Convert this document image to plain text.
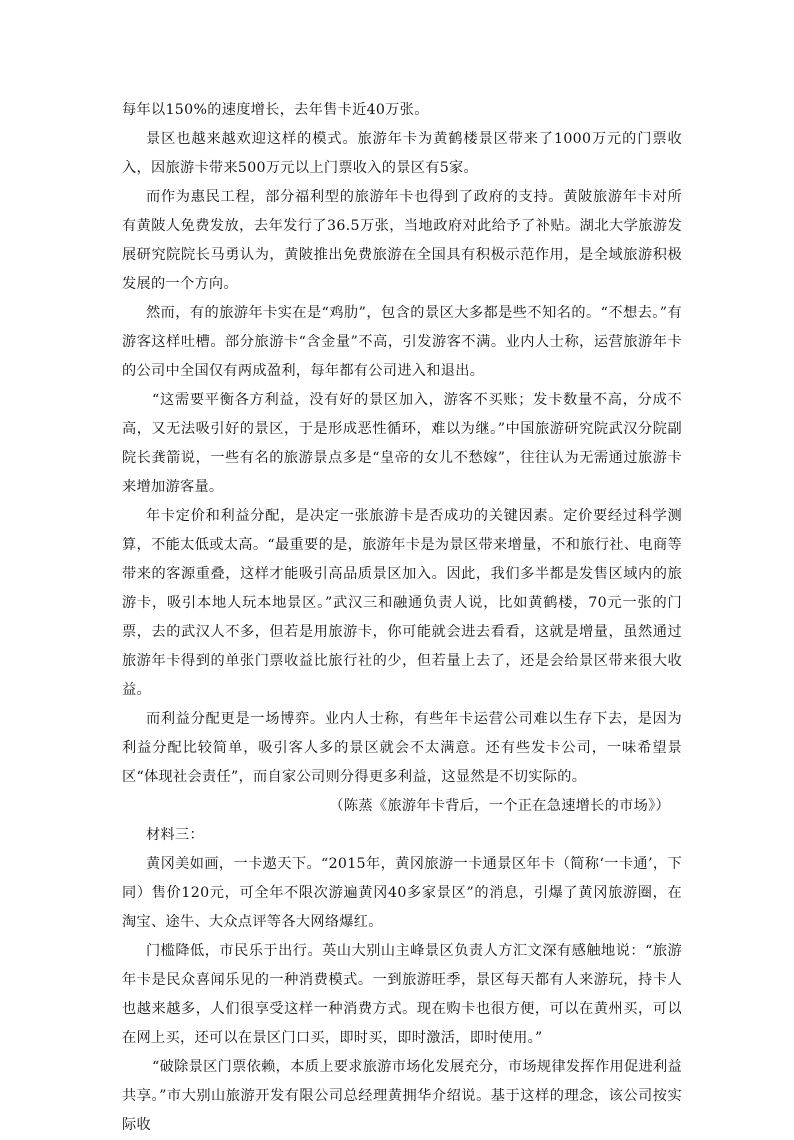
每年以150%的速度增长，去年售卡近40万张。

景区也越来越欢迎这样的模式。旅游年卡为黄鹤楼景区带来了1000万元的门票收入，因旅游卡带来500万元以上门票收入的景区有5家。

而作为惠民工程，部分福利型的旅游年卡也得到了政府的支持。黄陂旅游年卡对所有黄陂人免费发放，去年发行了36.5万张，当地政府对此给予了补贴。湖北大学旅游发展研究院院长马勇认为，黄陂推出免费旅游在全国具有积极示范作用，是全域旅游积极发展的一个方向。

然而，有的旅游年卡实在是“鸡肋”，包含的景区大多都是些不知名的。“不想去。”有游客这样吐槽。部分旅游卡“含金量”不高，引发游客不满。业内人士称，运营旅游年卡的公司中全国仅有两成盈利，每年都有公司进入和退出。

“这需要平衡各方利益，没有好的景区加入，游客不买账；发卡数量不高，分成不高，又无法吸引好的景区，于是形成恶性循环，难以为继。”中国旅游研究院武汉分院副院长龚箭说，一些有名的旅游景点多是“皇帝的女儿不愁嫁”，往往认为无需通过旅游卡来增加游客量。

年卡定价和利益分配，是决定一张旅游卡是否成功的关键因素。定价要经过科学测算，不能太低或太高。“最重要的是，旅游年卡是为景区带来增量，不和旅行社、电商等带来的客源重叠，这样才能吸引高品质景区加入。因此，我们多半都是发售区域内的旅游卡，吸引本地人玩本地景区。”武汉三和融通负责人说，比如黄鹤楼，70元一张的门票，去的武汉人不多，但若是用旅游卡，你可能就会进去看看，这就是增量，虽然通过旅游年卡得到的单张门票收益比旅行社的少，但若量上去了，还是会给景区带来很大收益。

而利益分配更是一场博弈。业内人士称，有些年卡运营公司难以生存下去，是因为利益分配比较简单，吸引客人多的景区就会不太满意。还有些发卡公司，一味希望景区“体现社会责任”，而自家公司则分得更多利益，这显然是不切实际的。

（陈蒸《旅游年卡背后，一个正在急速增长的市场》）

材料三：

黄冈美如画，一卡遨天下。“2015年，黄冈旅游一卡通景区年卡（简称‘一卡通’，下同）售价120元，可全年不限次游遍黄冈40多家景区”的消息，引爆了黄冈旅游圈，在淘宝、途牛、大众点评等各大网络爆红。

门槛降低，市民乐于出行。英山大别山主峰景区负责人方汇文深有感触地说：“旅游年卡是民众喜闻乐见的一种消费模式。一到旅游旺季，景区每天都有人来游玩，持卡人也越来越多，人们很享受这样一种消费方式。现在购卡也很方便，可以在黄州买，可以在网上买，还可以在景区门口买，即时买，即时激活，即时使用。”

“破除景区门票依赖，本质上要求旅游市场化发展充分，市场规律发挥作用促进利益共享。”市大别山旅游开发有限公司总经理黄拥华介绍说。基于这样的理念，该公司按实际收
